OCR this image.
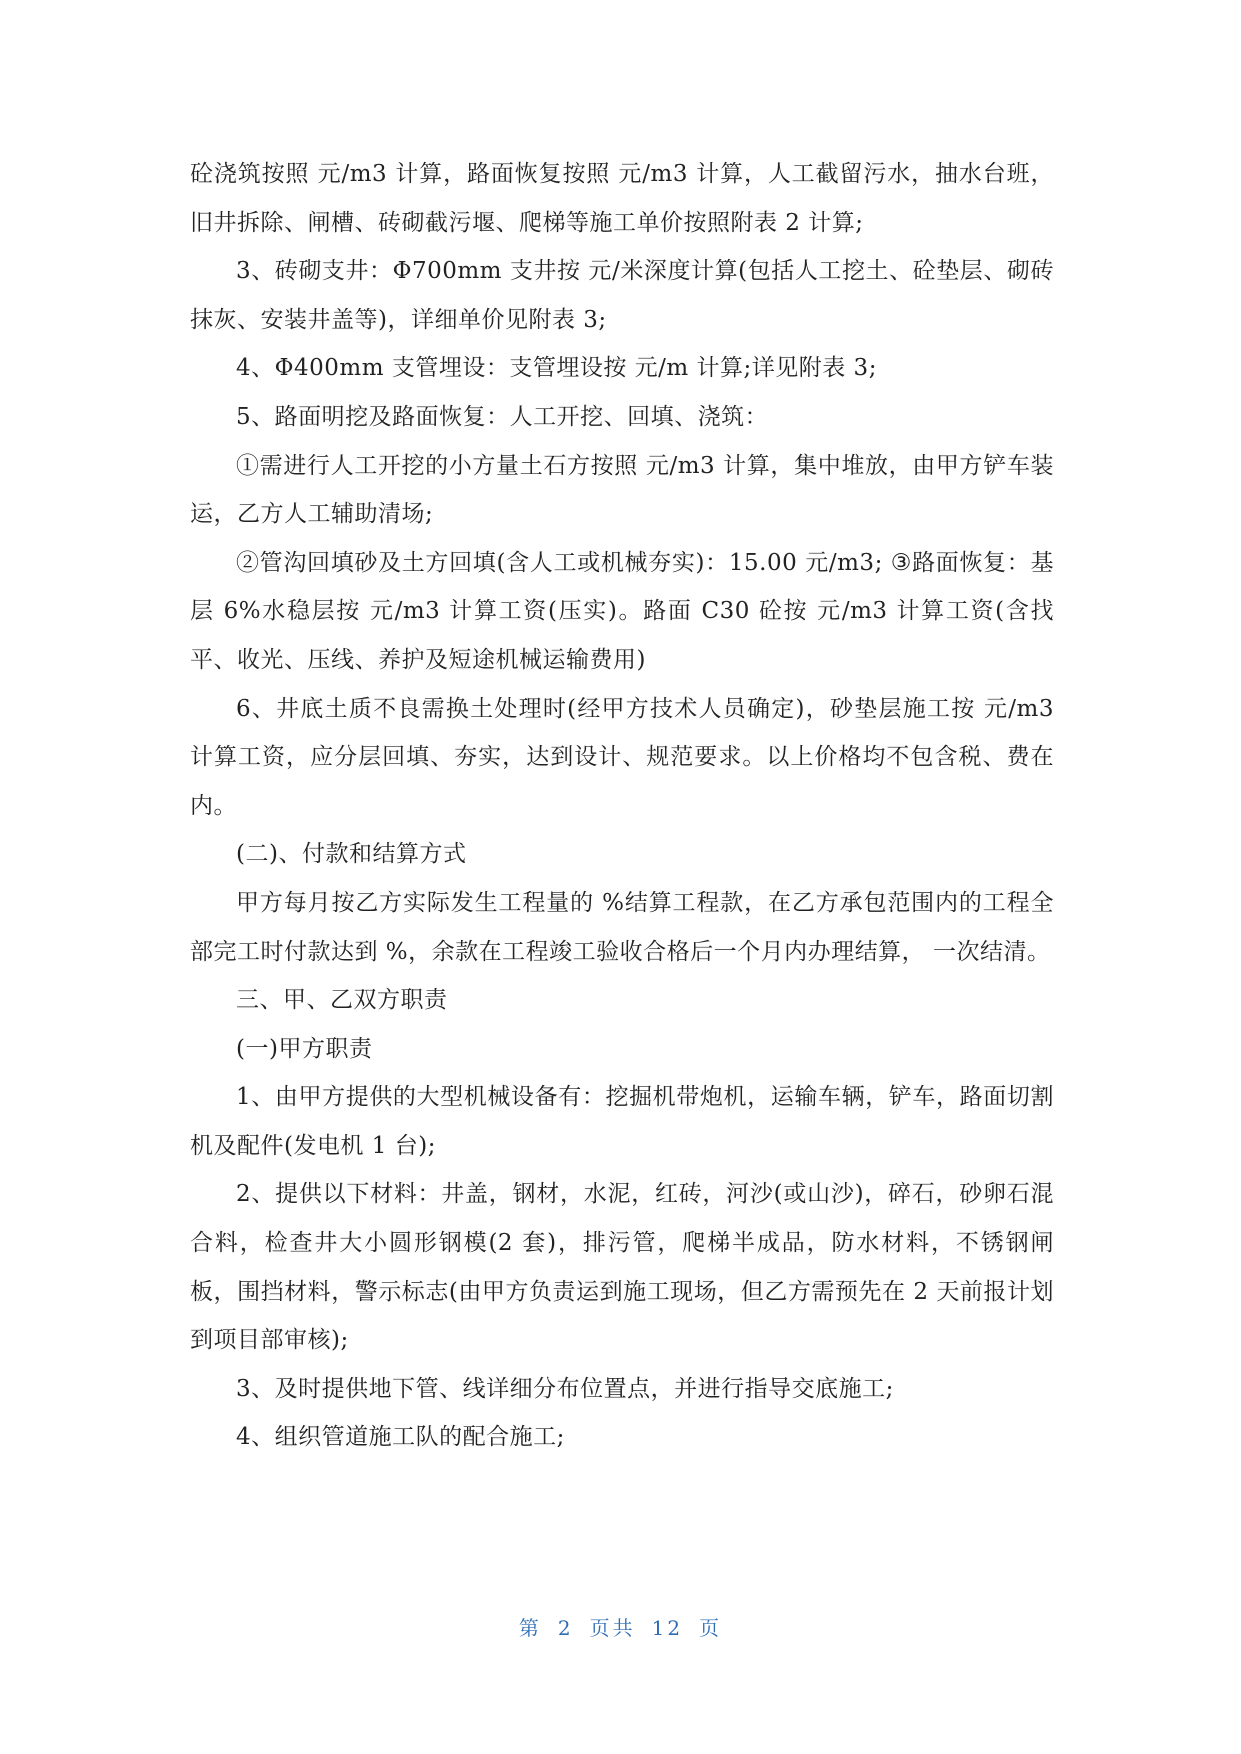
砼浇筑按照 元/m3 计算，路面恢复按照 元/m3 计算，人工截留污水，抽水台班，旧井拆除、闸槽、砖砌截污堰、爬梯等施工单价按照附表 2 计算;

3、砖砌支井：Φ700mm 支井按 元/米深度计算(包括人工挖土、砼垫层、砌砖抹灰、安装井盖等)，详细单价见附表 3;

4、Φ400mm 支管埋设：支管埋设按 元/m 计算;详见附表 3;

5、路面明挖及路面恢复：人工开挖、回填、浇筑：

①需进行人工开挖的小方量土石方按照 元/m3 计算，集中堆放，由甲方铲车装运，乙方人工辅助清场;

②管沟回填砂及土方回填(含人工或机械夯实)：15.00 元/m3; ③路面恢复：基层 6%水稳层按 元/m3 计算工资(压实)。路面 C30 砼按 元/m3 计算工资(含找平、收光、压线、养护及短途机械运输费用)

6、井底土质不良需换土处理时(经甲方技术人员确定)，砂垫层施工按 元/m3 计算工资，应分层回填、夯实，达到设计、规范要求。以上价格均不包含税、费在内。

(二)、付款和结算方式

甲方每月按乙方实际发生工程量的 %结算工程款，在乙方承包范围内的工程全部完工时付款达到 %，余款在工程竣工验收合格后一个月内办理结算， 一次结清。

三、甲、乙双方职责

(一)甲方职责

1、由甲方提供的大型机械设备有：挖掘机带炮机，运输车辆，铲车，路面切割机及配件(发电机 1 台);

2、提供以下材料：井盖，钢材，水泥，红砖，河沙(或山沙)，碎石，砂卵石混合料，检查井大小圆形钢模(2 套)，排污管，爬梯半成品，防水材料，不锈钢闸板，围挡材料，警示标志(由甲方负责运到施工现场，但乙方需预先在 2 天前报计划到项目部审核);

3、及时提供地下管、线详细分布位置点，并进行指导交底施工;

4、组织管道施工队的配合施工;

第 2 页共 12 页
